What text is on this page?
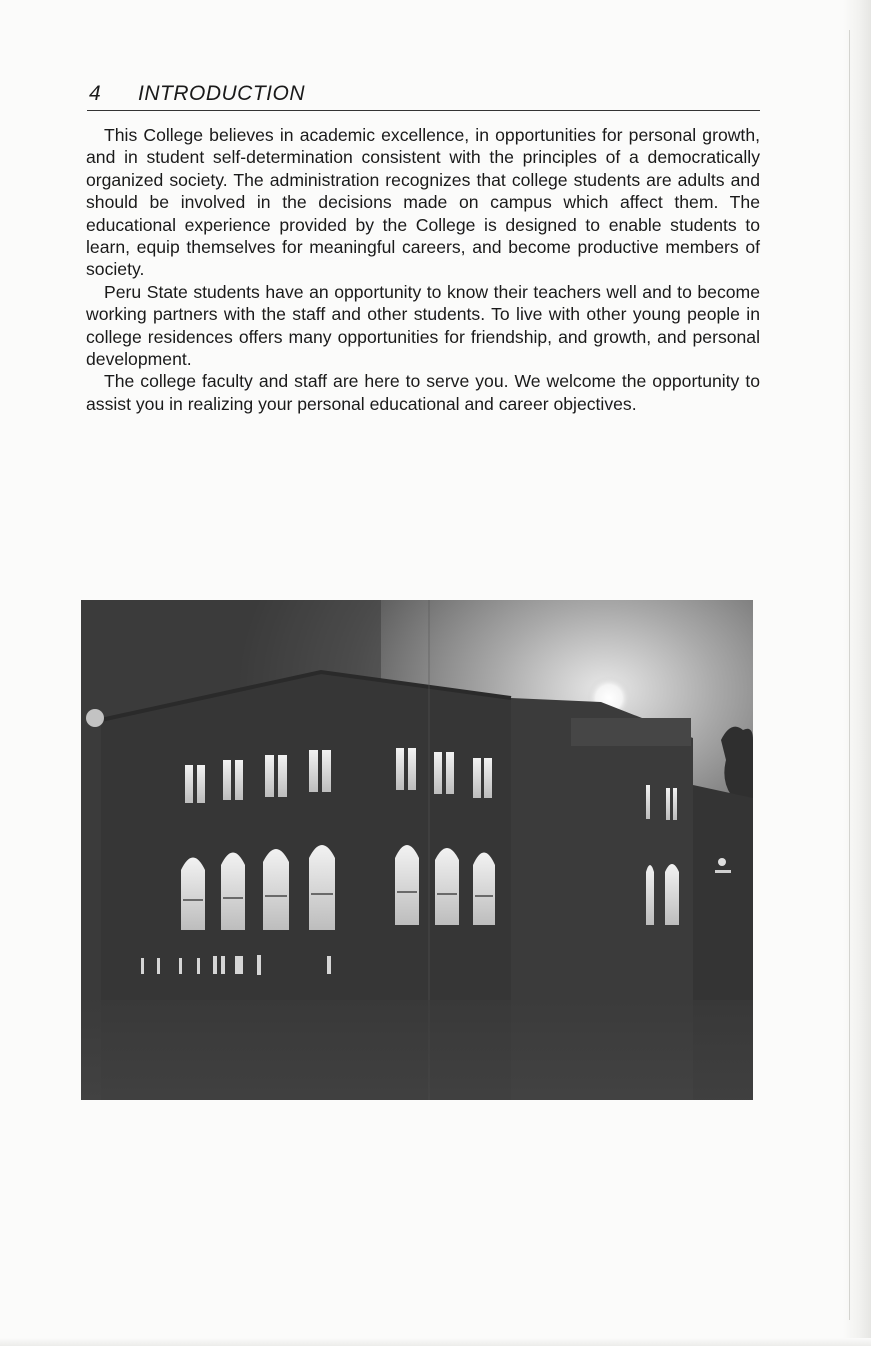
4 INTRODUCTION

This College believes in academic excellence, in opportunities for personal growth, and in student self-determination consistent with the principles of a democratically organized society. The administration recognizes that college students are adults and should be involved in the decisions made on campus which affect them. The educational experience provided by the College is designed to enable students to learn, equip themselves for meaningful careers, and become productive members of society.

Peru State students have an opportunity to know their teachers well and to become working partners with the staff and other students. To live with other young people in college residences offers many opportunities for friendship, and growth, and personal development.

The college faculty and staff are here to serve you. We welcome the opportunity to assist you in realizing your personal educational and career objectives.
